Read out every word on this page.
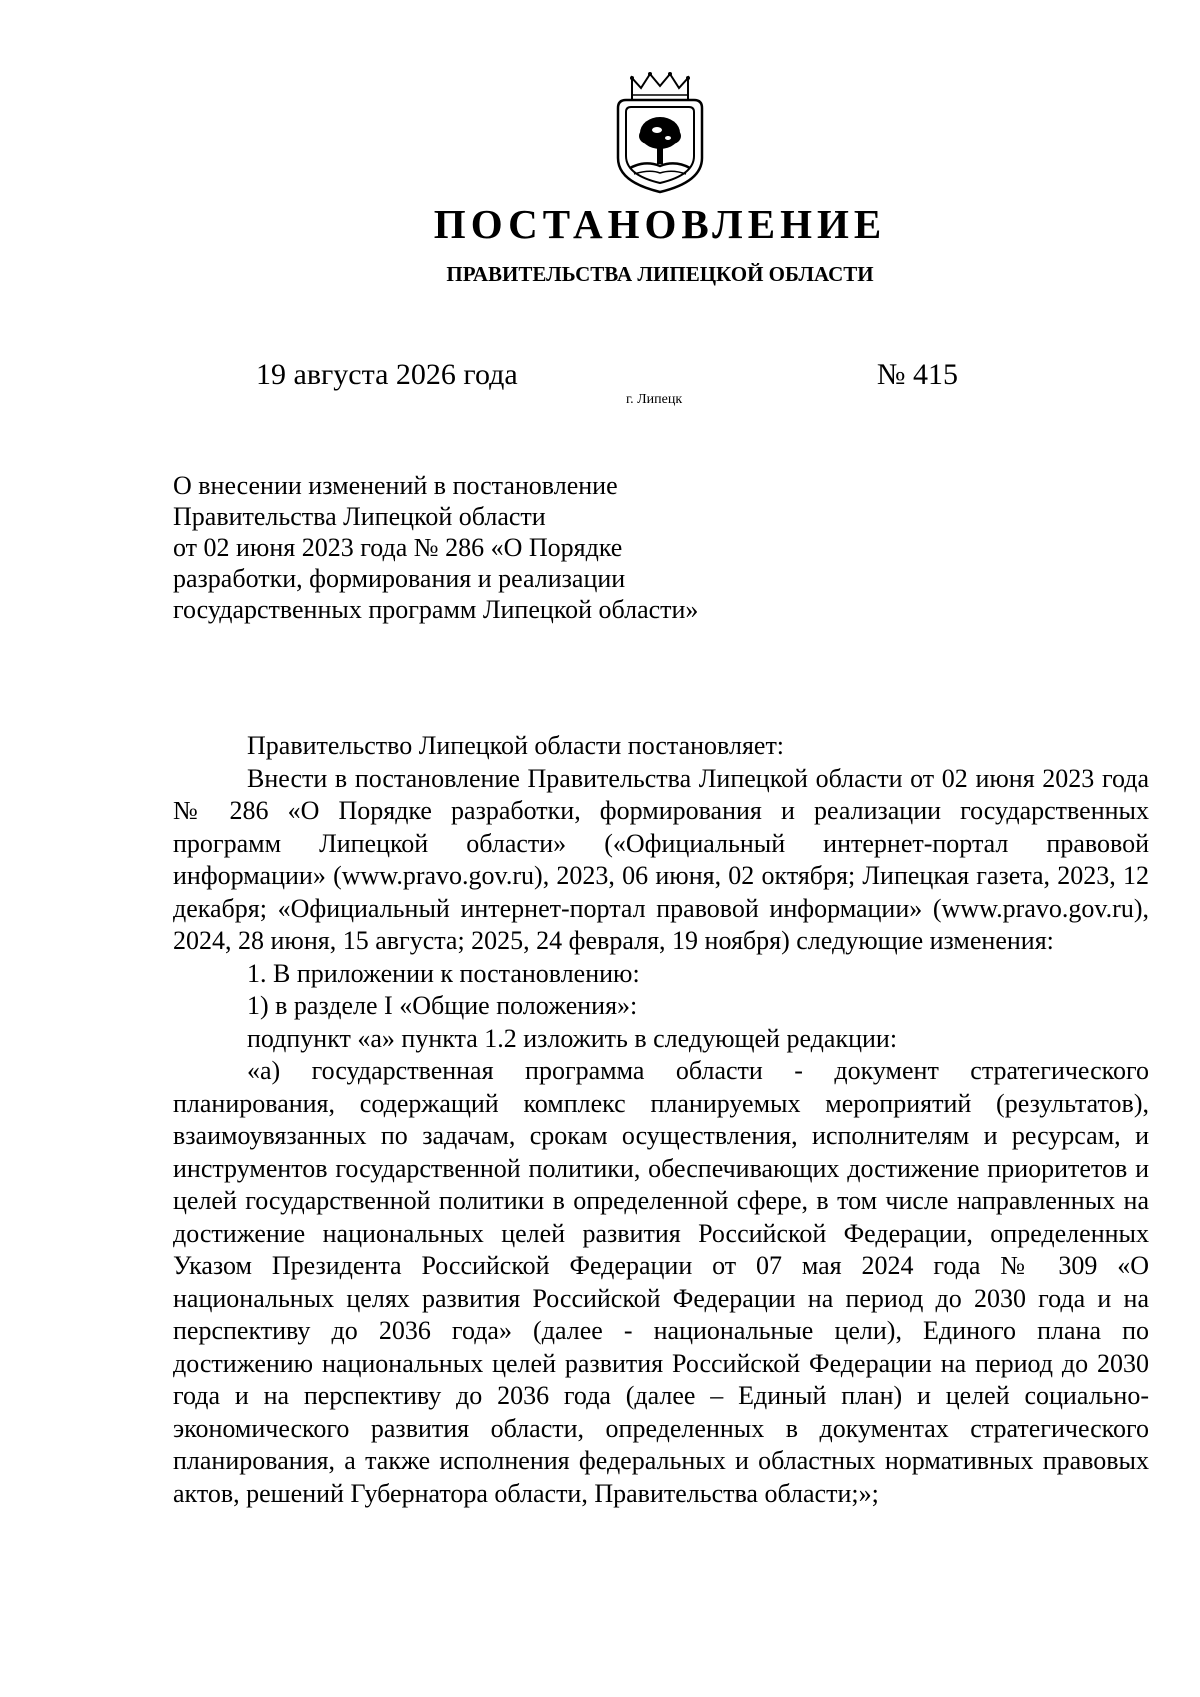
ПОСТАНОВЛЕНИЕ
ПРАВИТЕЛЬСТВА ЛИПЕЦКОЙ ОБЛАСТИ
19 августа 2026 года	№ 415
г. Липецк
О внесении изменений в постановление
Правительства Липецкой области
от 02 июня 2023 года № 286 «О Порядке
разработки, формирования и реализации
государственных программ Липецкой области»

Правительство Липецкой области постановляет:

Внести в постановление Правительства Липецкой области от 02 июня 2023 года № 286 «О Порядке разработки, формирования и реализации государственных программ Липецкой области» («Официальный интернет-портал правовой информации» (www.pravo.gov.ru), 2023, 06 июня, 02 октября; Липецкая газета, 2023, 12 декабря; «Официальный интернет-портал правовой информации» (www.pravo.gov.ru), 2024, 28 июня, 15 августа; 2025, 24 февраля, 19 ноября) следующие изменения:

1. В приложении к постановлению:

1) в разделе I «Общие положения»:

подпункт «а» пункта 1.2 изложить в следующей редакции:

«а) государственная программа области - документ стратегического планирования, содержащий комплекс планируемых мероприятий (результатов), взаимоувязанных по задачам, срокам осуществления, исполнителям и ресурсам, и инструментов государственной политики, обеспечивающих достижение приоритетов и целей государственной политики в определенной сфере, в том числе направленных на достижение национальных целей развития Российской Федерации, определенных Указом Президента Российской Федерации от 07 мая 2024 года № 309 «О национальных целях развития Российской Федерации на период до 2030 года и на перспективу до 2036 года» (далее - национальные цели), Единого плана по достижению национальных целей развития Российской Федерации на период до 2030 года и на перспективу до 2036 года (далее – Единый план) и целей социально-экономического развития области, определенных в документах стратегического планирования, а также исполнения федеральных и областных нормативных правовых актов, решений Губернатора области, Правительства области;»;
